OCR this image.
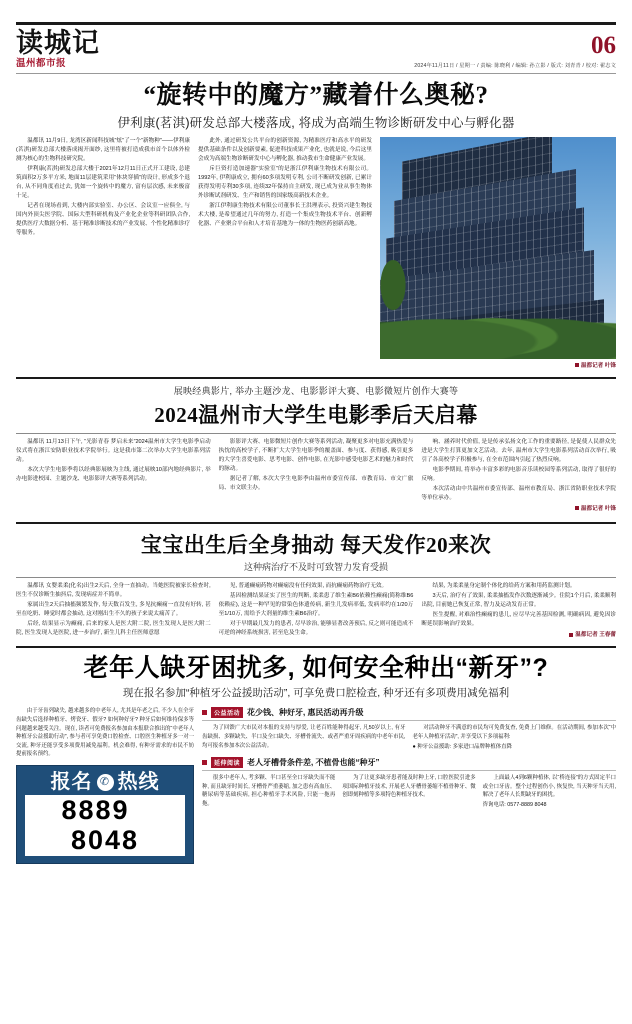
读城记
温州都市报
06
2024年11月11日 / 星期一 / 责编: 陈晓利 / 编辑: 孙立影 / 版式: 刘青青 / 校对: 翟志文
“旋转中的魔方”藏着什么奥秘?
伊利康(茗淇)研发总部大楼落成, 将成为高端生物诊断研发中心与孵化器

温都讯 11月9日, 龙湾区新闻科技城“炫”了一个“新物种”——伊利康(茗淇)研发总部大楼落成揭开面纱, 这里将被打造成我市首个以体外检测为核心的生物科技研究院。

伊利康(茗淇)研发总部大楼于2021年12月11日正式开工建设, 总建筑面积2万多平方米, 地面11层建筑采用“体块穿插”的设计, 形成多个退台, 从不同角度看过去, 犹如一个旋转中的魔方, 富有层次感, 未来极富十足。

记者在现场看到, 大楼内部实验室、办公区、会议室一应俱全, 与国内外顶尖医学院、国际大型科研机构及产业化企业等科研团队合作, 提供医疗大数据分析、基于精准诊断技术的产业发展、个性化精准诊疗等服务。

此外, 通过研发公共平台的创新资源, 为精准医疗和高水平的研发提供基础条件以及创新要素, 促进科技成果产业化, 也就是说, 今后这里会成为高端生物诊断研发中心与孵化器, 推动我市生命健康产业发展。

斥巨资打造加速器“实验室”的是浙江伊利康生物技术有限公司。1992年, 伊利康成立, 拥有60多项发明专利, 公司不断研发创新, 已累计获得发明专利30多项, 连续32年保持自主研发, 现已成为业从事生物体外诊断试剂研发、生产和销售的国家级高新技术企业。

浙江伊利康生物技术有限公司董事长王洪理表示, 投资兴建生物技术大楼, 是希望通过几年的努力, 打造一个集成生物技术平台、创新孵化器、产业聚合平台和人才培育基地为一体的生物医药创新高地。

温都记者 叶锋
展映经典影片, 举办主题沙龙、电影影评大赛、电影微短片创作大赛等
2024温州市大学生电影季后天启幕

温都讯 11月13日下午, “光影青春 梦启未来”2024温州市大学生电影季启动仪式将在浙江安防职业技术学院举行。这是我市第二次举办大学生电影系列活动。

本次大学生电影季将以经典影展映为主线, 通过展映10部内地经典影片, 举办电影进校园、主题沙龙、电影影评大赛等系列活动。

影影评大赛、电影微短片创作大赛等系列活动, 凝聚更多对电影充满热爱与执忱的高校学子, 不断扩大大学生电影季的覆盖面、参与度、获得感, 吸引更多的大学生喜爱电影、思考电影、创作电影, 在光影中感受电影艺术的魅力和时代的脉动。

据记者了解, 本次大学生电影季由温州市委宣传部、市教育局、市文广旅局、市文联主办。

响、涵养时代价值, 是是传承弘扬文化工作的重要路径, 是促使人民群众先进是大学生打算更加文艺活动。去年, 温州市大学生电影系列活动首次举行, 吸引了各高校学子积极参与, 在全市范围内引起了热烈反响。

电影季期间, 将举办丰富多彩的电影音乐读校园等系列活动, 取得了很好的反响。

本次活动由中共温州市委宣传部、温州市教育局、浙江省防职业技术学院等单位承办。

温都记者 叶锋
宝宝出生后全身抽动 每天发作20来次
这种病治疗不及时可致智力发育受损

温都讯 女婴柔柔(化名)出生2天后, 全身一直抽动。当她医院被家长检查时, 医生不仅诊断生抽抖后, 发现病症并不简单。

家属出生2天后抽搐频繁发作, 每天数百发生, 多见抗癫痫一直没有好转, 甚至在吃奶、睡觉时都会抽动, 这对刚出生不久的孩子来说太痛苦了。

后经, 结果显示为癫痫, 后来的家人是医大附二院, 医生发现人是医大附二院, 医生发现人是医院, 进一步治疗, 新生儿科主任医师意愿

见, 普通癫痫药物对癫痫没有任何效果, 而抗癫痫药物治疗无效。

基因检测结果证实了医生的判断, 柔柔患了维生素B6依赖性癫痫(简称维B6依赖症), 这是一种罕见的常染色体遗传病, 新生儿发病率低, 发病率约在1/20万至1/10万, 需给予大剂量的维生素B6治疗。

对于早期最几发力的患者, 尽早诊治, 能够显著改善预后, 反之则可能造成不可逆的神经系统损害, 甚至危及生命。

结果, 为柔柔量身定制个体化的给药方案和用药监测计划。

3天后, 治疗有了效果, 柔柔抽搐发作次数逐渐减少。住院1个月后, 柔柔顺利出院, 目前她已恢复正常, 智力及运动发育正常。

医生提醒, 对难治性癫痫的患儿, 应尽早完善基因检测, 明确病因, 避免因诊断延误影响治疗效果。

温都记者 王春蕾
老年人缺牙困扰多, 如何安全种出“新牙”?
现在报名参加“种植牙公益援助活动”, 可享免费口腔检查, 种牙还有多项费用减免福利

由于牙齿列缺失, 越来越多的中老年人, 尤其是年老之后, 不少人在全牙齿缺失后选择种植牙、烤瓷牙、假牙? 如何种好牙? 种牙后如何维持保多等问题越来越受关注。现在, 读者可免费报名参加由本报联合推出的“中老年人种植牙公益援助行动”, 参与者可享免费口腔检查、口腔医生种植牙多一对一交流, 种牙还能享受多项费用减免福利。机会难得, 有种牙需求的市民不妨提前报名预约。

报名 ✆ 热线
8889   8048
公益活动 花少钱、种好牙, 惠民活动再升级

为了回馈广大市民对本报的支持与厚爱, 让老百姓能种得起牙, 凡50岁以上, 有牙齿缺损、多颗缺失、半口及全口缺失、牙槽骨流失、或者严重牙周疾病的中老年市民, 均可报名参加本次公益活动。

对活动种牙不满意的市民均可免费复查, 免费上门维修。在活动期间, 参加本次“中老年人种植牙活动”, 并享受以下多项福利:

● 种牙公益援助: 多家进口品牌种植体直降

延伸阅读 老人牙槽骨条件差, 不植骨也能“种牙”

很多中老年人, 考多颗、半口甚至全口牙缺失而不能种, 而且缺牙时间长, 牙槽骨严重萎缩, 加之患有高血压、糖尿病等基础疾病, 担心种植牙手术风险, 只能一拖再拖。

为了让更多缺牙患者能及时种上牙, 口腔医院引进多项国际种植牙技术, 开展老人牙槽骨萎缩不植骨种牙、微创即刻种植等多项特色种植牙技术。

上面最人4到6颗种植体, 以“桥连接”的方式固定半口或全口牙齿。整个过程创伤小, 恢复快, 当天种牙当天用, 解决了老年人长期缺牙的困扰。

咨询电话: 0577-8889 8048
